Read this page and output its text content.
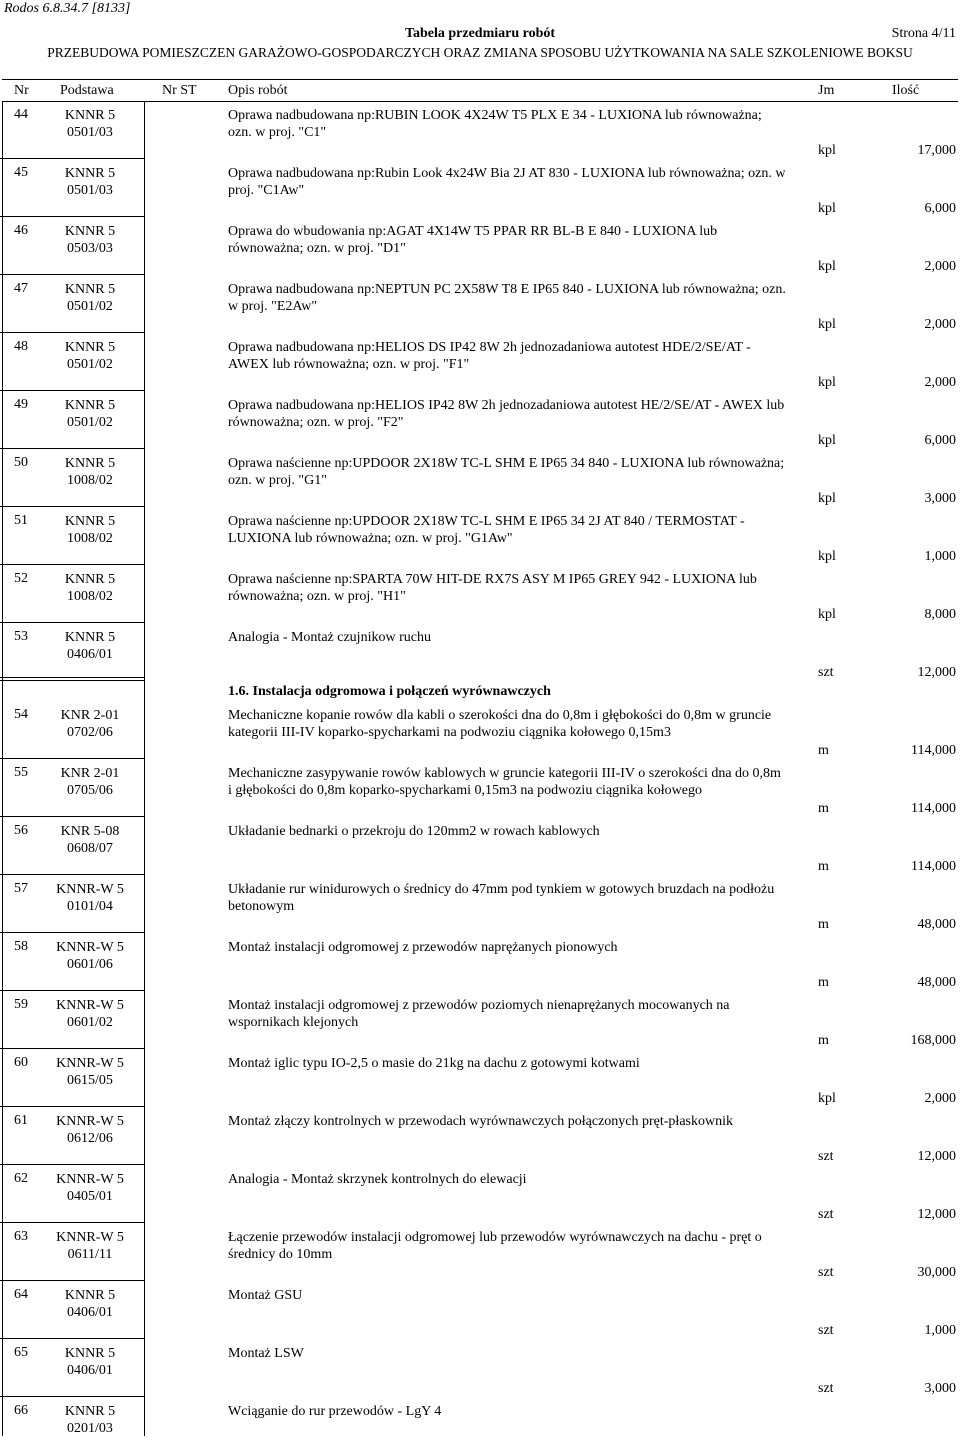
Rodos 6.8.34.7 [8133]
Tabela przedmiaru robót	Strona 4/11
PRZEBUDOWA POMIESZCZEN GARAŻOWO-GOSPODARCZYCH ORAZ ZMIANA SPOSOBU UŻYTKOWANIA NA SALE SZKOLENIOWE BOKSU
Nr Podstawa	Nr ST Opis robót	Jm	Ilość
44	KNNR 5
0501/03
Oprawa nadbudowana np:RUBIN LOOK 4X24W T5 PLX E 34 - LUXIONA lub równoważna; ozn. w proj. "C1"
kpl	17,000
45	KNNR 5
0501/03
Oprawa nadbudowana np:Rubin Look 4x24W Bia 2J AT 830 - LUXIONA lub równoważna; ozn. w proj. "C1Aw"
kpl	6,000
46	KNNR 5
0503/03
Oprawa do wbudowania np:AGAT 4X14W T5 PPAR RR BL-B E 840 - LUXIONA lub równoważna; ozn. w proj. "D1"
kpl	2,000
47	KNNR 5
0501/02
Oprawa nadbudowana np:NEPTUN PC 2X58W T8 E IP65 840 - LUXIONA lub równoważna; ozn. w proj. "E2Aw"
kpl	2,000
48	KNNR 5
0501/02
Oprawa nadbudowana np:HELIOS DS IP42 8W 2h jednozadaniowa autotest HDE/2/SE/AT - AWEX lub równoważna; ozn. w proj. "F1"
kpl	2,000
49	KNNR 5
0501/02
Oprawa nadbudowana np:HELIOS IP42 8W 2h jednozadaniowa autotest HE/2/SE/AT - AWEX lub równoważna; ozn. w proj. "F2"
kpl	6,000
50	KNNR 5
1008/02
Oprawa naścienne np:UPDOOR 2X18W TC-L SHM E IP65 34 840 - LUXIONA lub równoważna; ozn. w proj. "G1"
kpl	3,000
51	KNNR 5
1008/02
Oprawa naścienne np:UPDOOR 2X18W TC-L SHM E IP65 34 2J AT 840 / TERMOSTAT - LUXIONA lub równoważna; ozn. w proj. "G1Aw"
kpl	1,000
52	KNNR 5
1008/02
Oprawa naścienne np:SPARTA 70W HIT-DE RX7S ASY M IP65 GREY 942 - LUXIONA lub równoważna; ozn. w proj. "H1"
kpl	8,000
53	KNNR 5
0406/01
Analogia - Montaż czujnikow ruchu
szt	12,000
54	KNR 2-01
0702/06
Mechaniczne kopanie rowów dla kabli o szerokości dna do 0,8m i głębokości do 0,8m w gruncie kategorii III-IV koparko-spycharkami na podwoziu ciągnika kołowego 0,15m3
m	114,000
55	KNR 2-01
0705/06
Mechaniczne zasypywanie rowów kablowych w gruncie kategorii III-IV o szerokości dna do 0,8m i głębokości do 0,8m koparko-spycharkami 0,15m3 na podwoziu ciągnika kołowego
m	114,000
56	KNR 5-08
0608/07
Układanie bednarki o przekroju do 120mm2 w rowach kablowych
m	114,000
57	KNNR-W 5
0101/04
Układanie rur winidurowych o średnicy do 47mm pod tynkiem w gotowych bruzdach na podłożu betonowym
m	48,000
58	KNNR-W 5
0601/06
Montaż instalacji odgromowej z przewodów naprężanych pionowych
m	48,000
59	KNNR-W 5
0601/02
Montaż instalacji odgromowej z przewodów poziomych nienaprężanych mocowanych na wspornikach klejonych
m	168,000
60	KNNR-W 5
0615/05
Montaż iglic typu IO-2,5 o masie do 21kg na dachu z gotowymi kotwami
kpl	2,000
61	KNNR-W 5
0612/06
Montaż złączy kontrolnych w przewodach wyrównawczych połączonych pręt-płaskownik
szt	12,000
62	KNNR-W 5
0405/01
Analogia - Montaż skrzynek kontrolnych do elewacji
szt	12,000
63	KNNR-W 5
0611/11
Łączenie przewodów instalacji odgromowej lub przewodów wyrównawczych na dachu - pręt o średnicy do 10mm
szt	30,000
64	KNNR 5
0406/01
Montaż GSU
szt	1,000
65	KNNR 5
0406/01
Montaż LSW
szt	3,000
66	KNNR 5
0201/03
Wciąganie do rur przewodów - LgY 4
1.6. Instalacja odgromowa i połączeń wyrównawczych
